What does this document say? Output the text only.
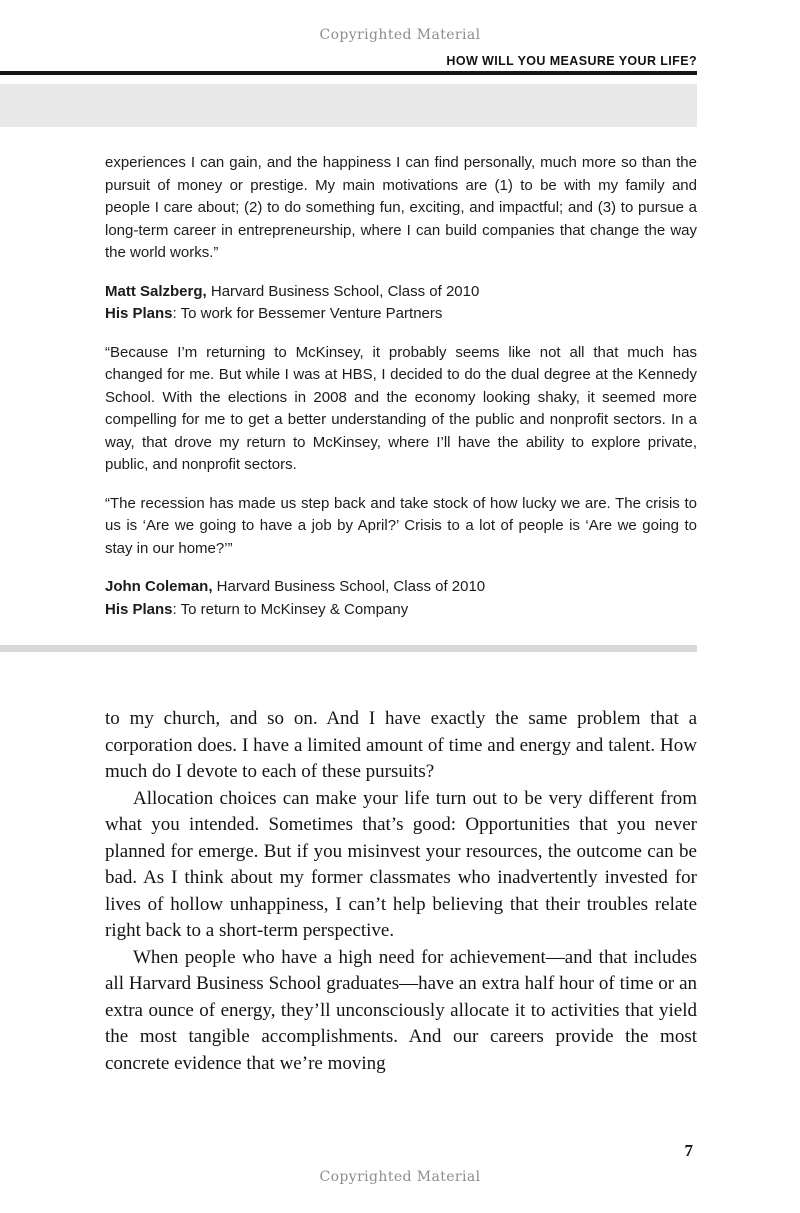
Copyrighted Material
HOW WILL YOU MEASURE YOUR LIFE?

experiences I can gain, and the happiness I can find personally, much more so than the pursuit of money or prestige. My main motivations are (1) to be with my family and people I care about; (2) to do something fun, exciting, and impactful; and (3) to pursue a long-term career in entrepreneurship, where I can build companies that change the way the world works.”

Matt Salzberg, Harvard Business School, Class of 2010

His Plans: To work for Bessemer Venture Partners

“Because I’m returning to McKinsey, it probably seems like not all that much has changed for me. But while I was at HBS, I decided to do the dual degree at the Kennedy School. With the elections in 2008 and the economy looking shaky, it seemed more compelling for me to get a better understanding of the public and nonprofit sectors. In a way, that drove my return to McKinsey, where I’ll have the ability to explore private, public, and nonprofit sectors.

“The recession has made us step back and take stock of how lucky we are. The crisis to us is ‘Are we going to have a job by April?’ Crisis to a lot of people is ‘Are we going to stay in our home?’”

John Coleman, Harvard Business School, Class of 2010

His Plans: To return to McKinsey & Company

to my church, and so on. And I have exactly the same problem that a corporation does. I have a limited amount of time and energy and talent. How much do I devote to each of these pursuits?

Allocation choices can make your life turn out to be very different from what you intended. Sometimes that’s good: Opportunities that you never planned for emerge. But if you misinvest your resources, the outcome can be bad. As I think about my former classmates who inadvertently invested for lives of hollow unhappiness, I can’t help believing that their troubles relate right back to a short-term perspective.

When people who have a high need for achievement—and that includes all Harvard Business School graduates—have an extra half hour of time or an extra ounce of energy, they’ll unconsciously allocate it to activities that yield the most tangible accomplishments. And our careers provide the most concrete evidence that we’re moving

7
Copyrighted Material
